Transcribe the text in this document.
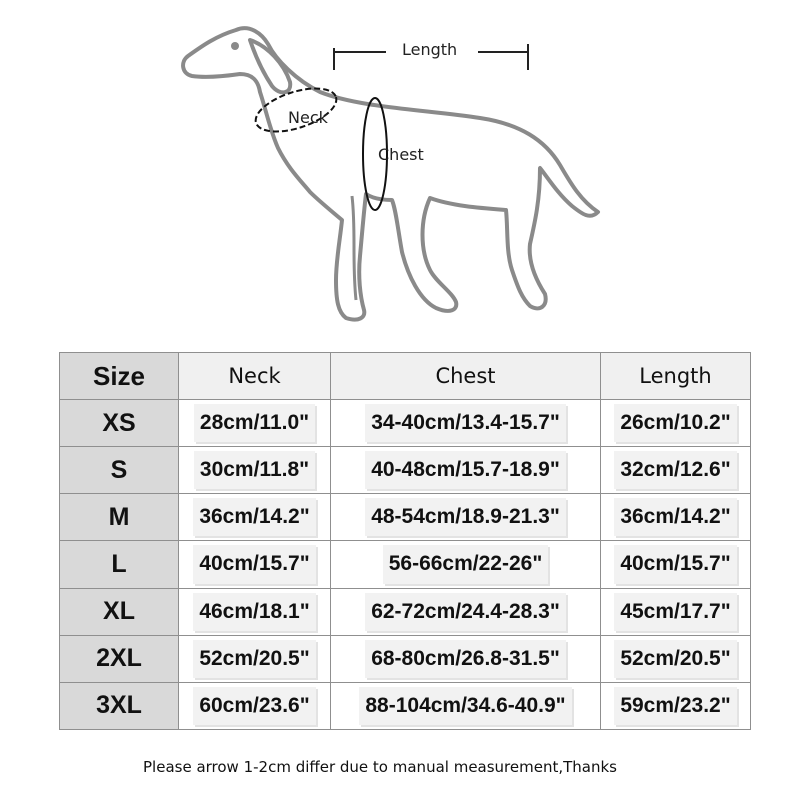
Length
Neck
Chest
Size	Neck	Chest	Length
XS	28cm/11.0"	34-40cm/13.4-15.7"	26cm/10.2"
S	30cm/11.8"	40-48cm/15.7-18.9"	32cm/12.6"
M	36cm/14.2"	48-54cm/18.9-21.3"	36cm/14.2"
L	40cm/15.7"	56-66cm/22-26"	40cm/15.7"
XL	46cm/18.1"	62-72cm/24.4-28.3"	45cm/17.7"
2XL	52cm/20.5"	68-80cm/26.8-31.5"	52cm/20.5"
3XL	60cm/23.6"	88-104cm/34.6-40.9"	59cm/23.2"
Please arrow 1-2cm differ due to manual measurement,Thanks
